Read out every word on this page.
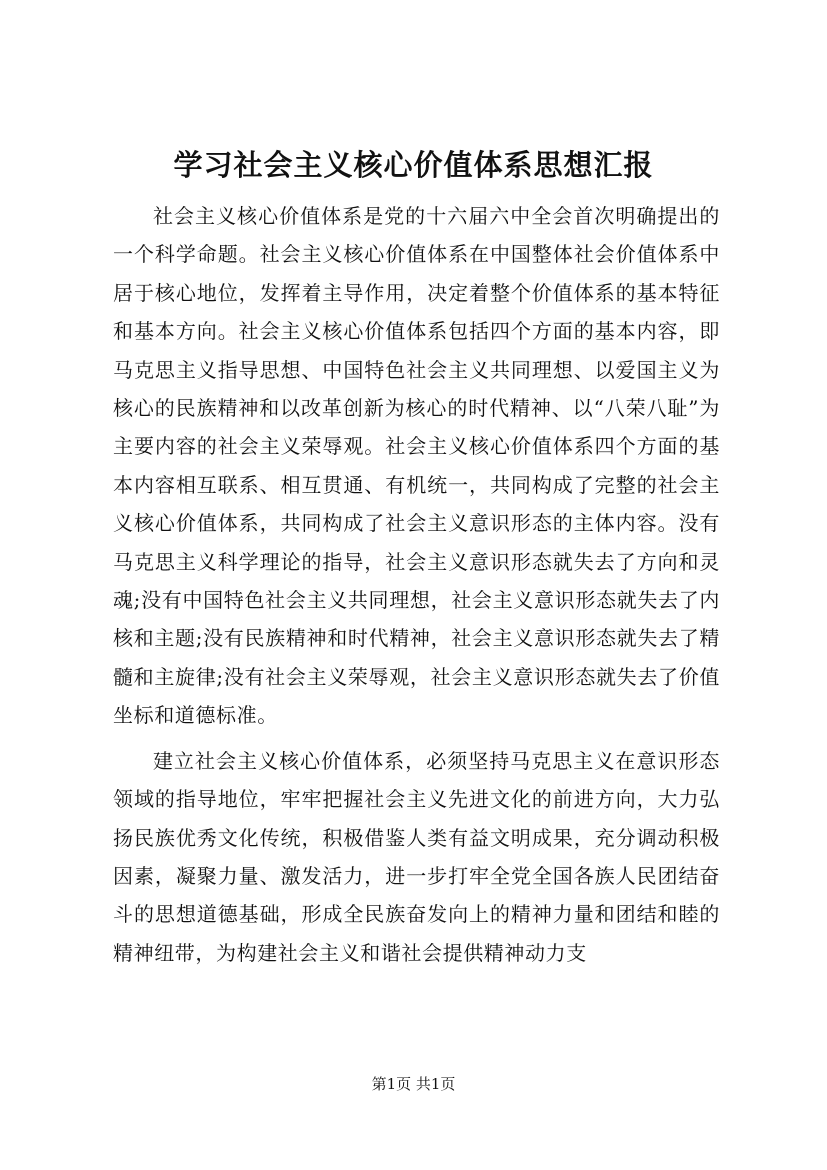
学习社会主义核心价值体系思想汇报

社会主义核心价值体系是党的十六届六中全会首次明确提出的一个科学命题。社会主义核心价值体系在中国整体社会价值体系中居于核心地位，发挥着主导作用，决定着整个价值体系的基本特征和基本方向。社会主义核心价值体系包括四个方面的基本内容，即马克思主义指导思想、中国特色社会主义共同理想、以爱国主义为核心的民族精神和以改革创新为核心的时代精神、以“八荣八耻”为主要内容的社会主义荣辱观。社会主义核心价值体系四个方面的基本内容相互联系、相互贯通、有机统一，共同构成了完整的社会主义核心价值体系，共同构成了社会主义意识形态的主体内容。没有马克思主义科学理论的指导，社会主义意识形态就失去了方向和灵魂;没有中国特色社会主义共同理想，社会主义意识形态就失去了内核和主题;没有民族精神和时代精神，社会主义意识形态就失去了精髓和主旋律;没有社会主义荣辱观，社会主义意识形态就失去了价值坐标和道德标准。

建立社会主义核心价值体系，必须坚持马克思主义在意识形态领域的指导地位，牢牢把握社会主义先进文化的前进方向，大力弘扬民族优秀文化传统，积极借鉴人类有益文明成果，充分调动积极因素，凝聚力量、激发活力，进一步打牢全党全国各族人民团结奋斗的思想道德基础，形成全民族奋发向上的精神力量和团结和睦的精神纽带，为构建社会主义和谐社会提供精神动力支

第1页 共1页
